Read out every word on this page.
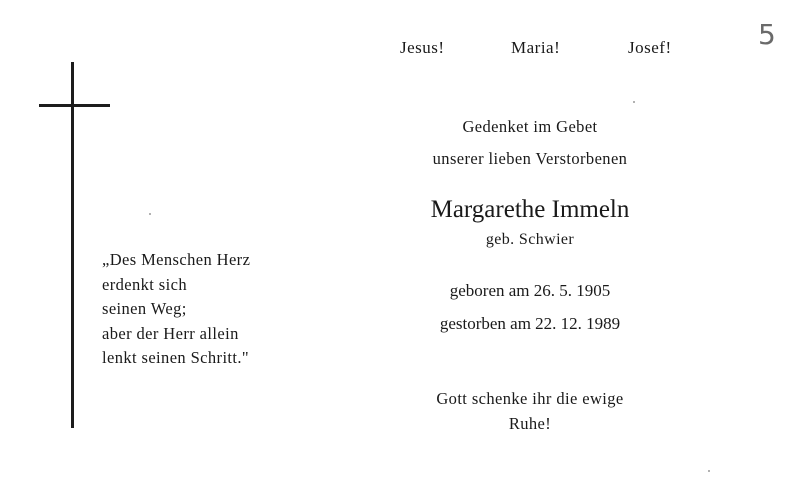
5
Jesus!	Maria!	Josef!
„Des Menschen Herz
erdenkt sich
seinen Weg;
aber der Herr allein
lenkt seinen Schritt."
Gedenket im Gebet
unserer lieben Verstorbenen
Margarethe Immeln
geb. Schwier
geboren am 26. 5. 1905
gestorben am 22. 12. 1989
Gott schenke ihr die ewige
Ruhe!
